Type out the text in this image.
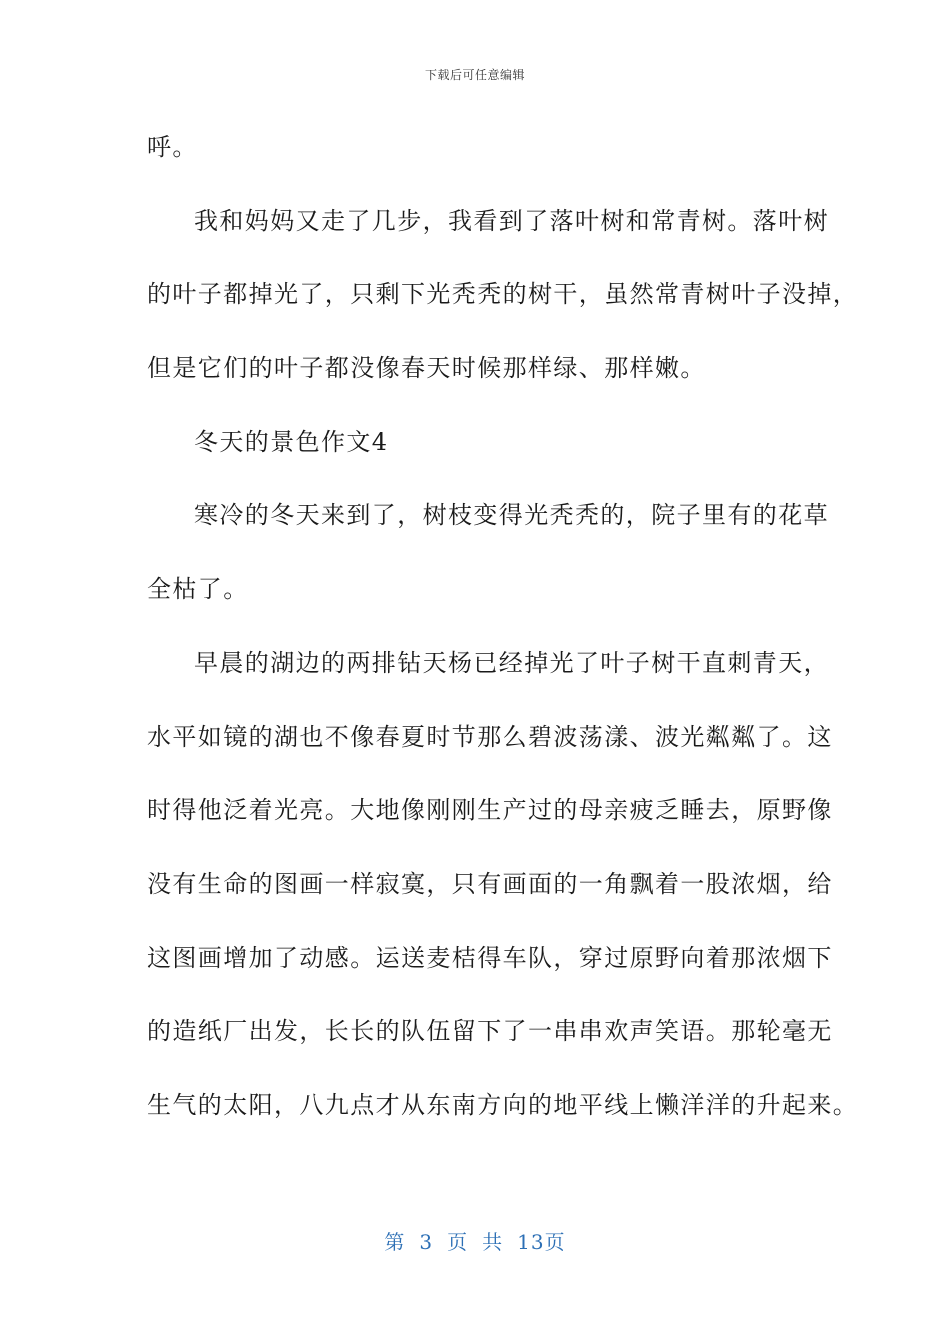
下载后可任意编辑
呼。
我和妈妈又走了几步，我看到了落叶树和常青树。落叶树
的叶子都掉光了，只剩下光秃秃的树干，虽然常青树叶子没掉，
但是它们的叶子都没像春天时候那样绿、那样嫩。
冬天的景色作文4
寒冷的冬天来到了，树枝变得光秃秃的，院子里有的花草
全枯了。
早晨的湖边的两排钻天杨已经掉光了叶子树干直刺青天，
水平如镜的湖也不像春夏时节那么碧波荡漾、波光粼粼了。这
时得他泛着光亮。大地像刚刚生产过的母亲疲乏睡去，原野像
没有生命的图画一样寂寞，只有画面的一角飘着一股浓烟，给
这图画增加了动感。运送麦桔得车队，穿过原野向着那浓烟下
的造纸厂出发，长长的队伍留下了一串串欢声笑语。那轮毫无
生气的太阳，八九点才从东南方向的地平线上懒洋洋的升起来。
第 3 页 共 13页
